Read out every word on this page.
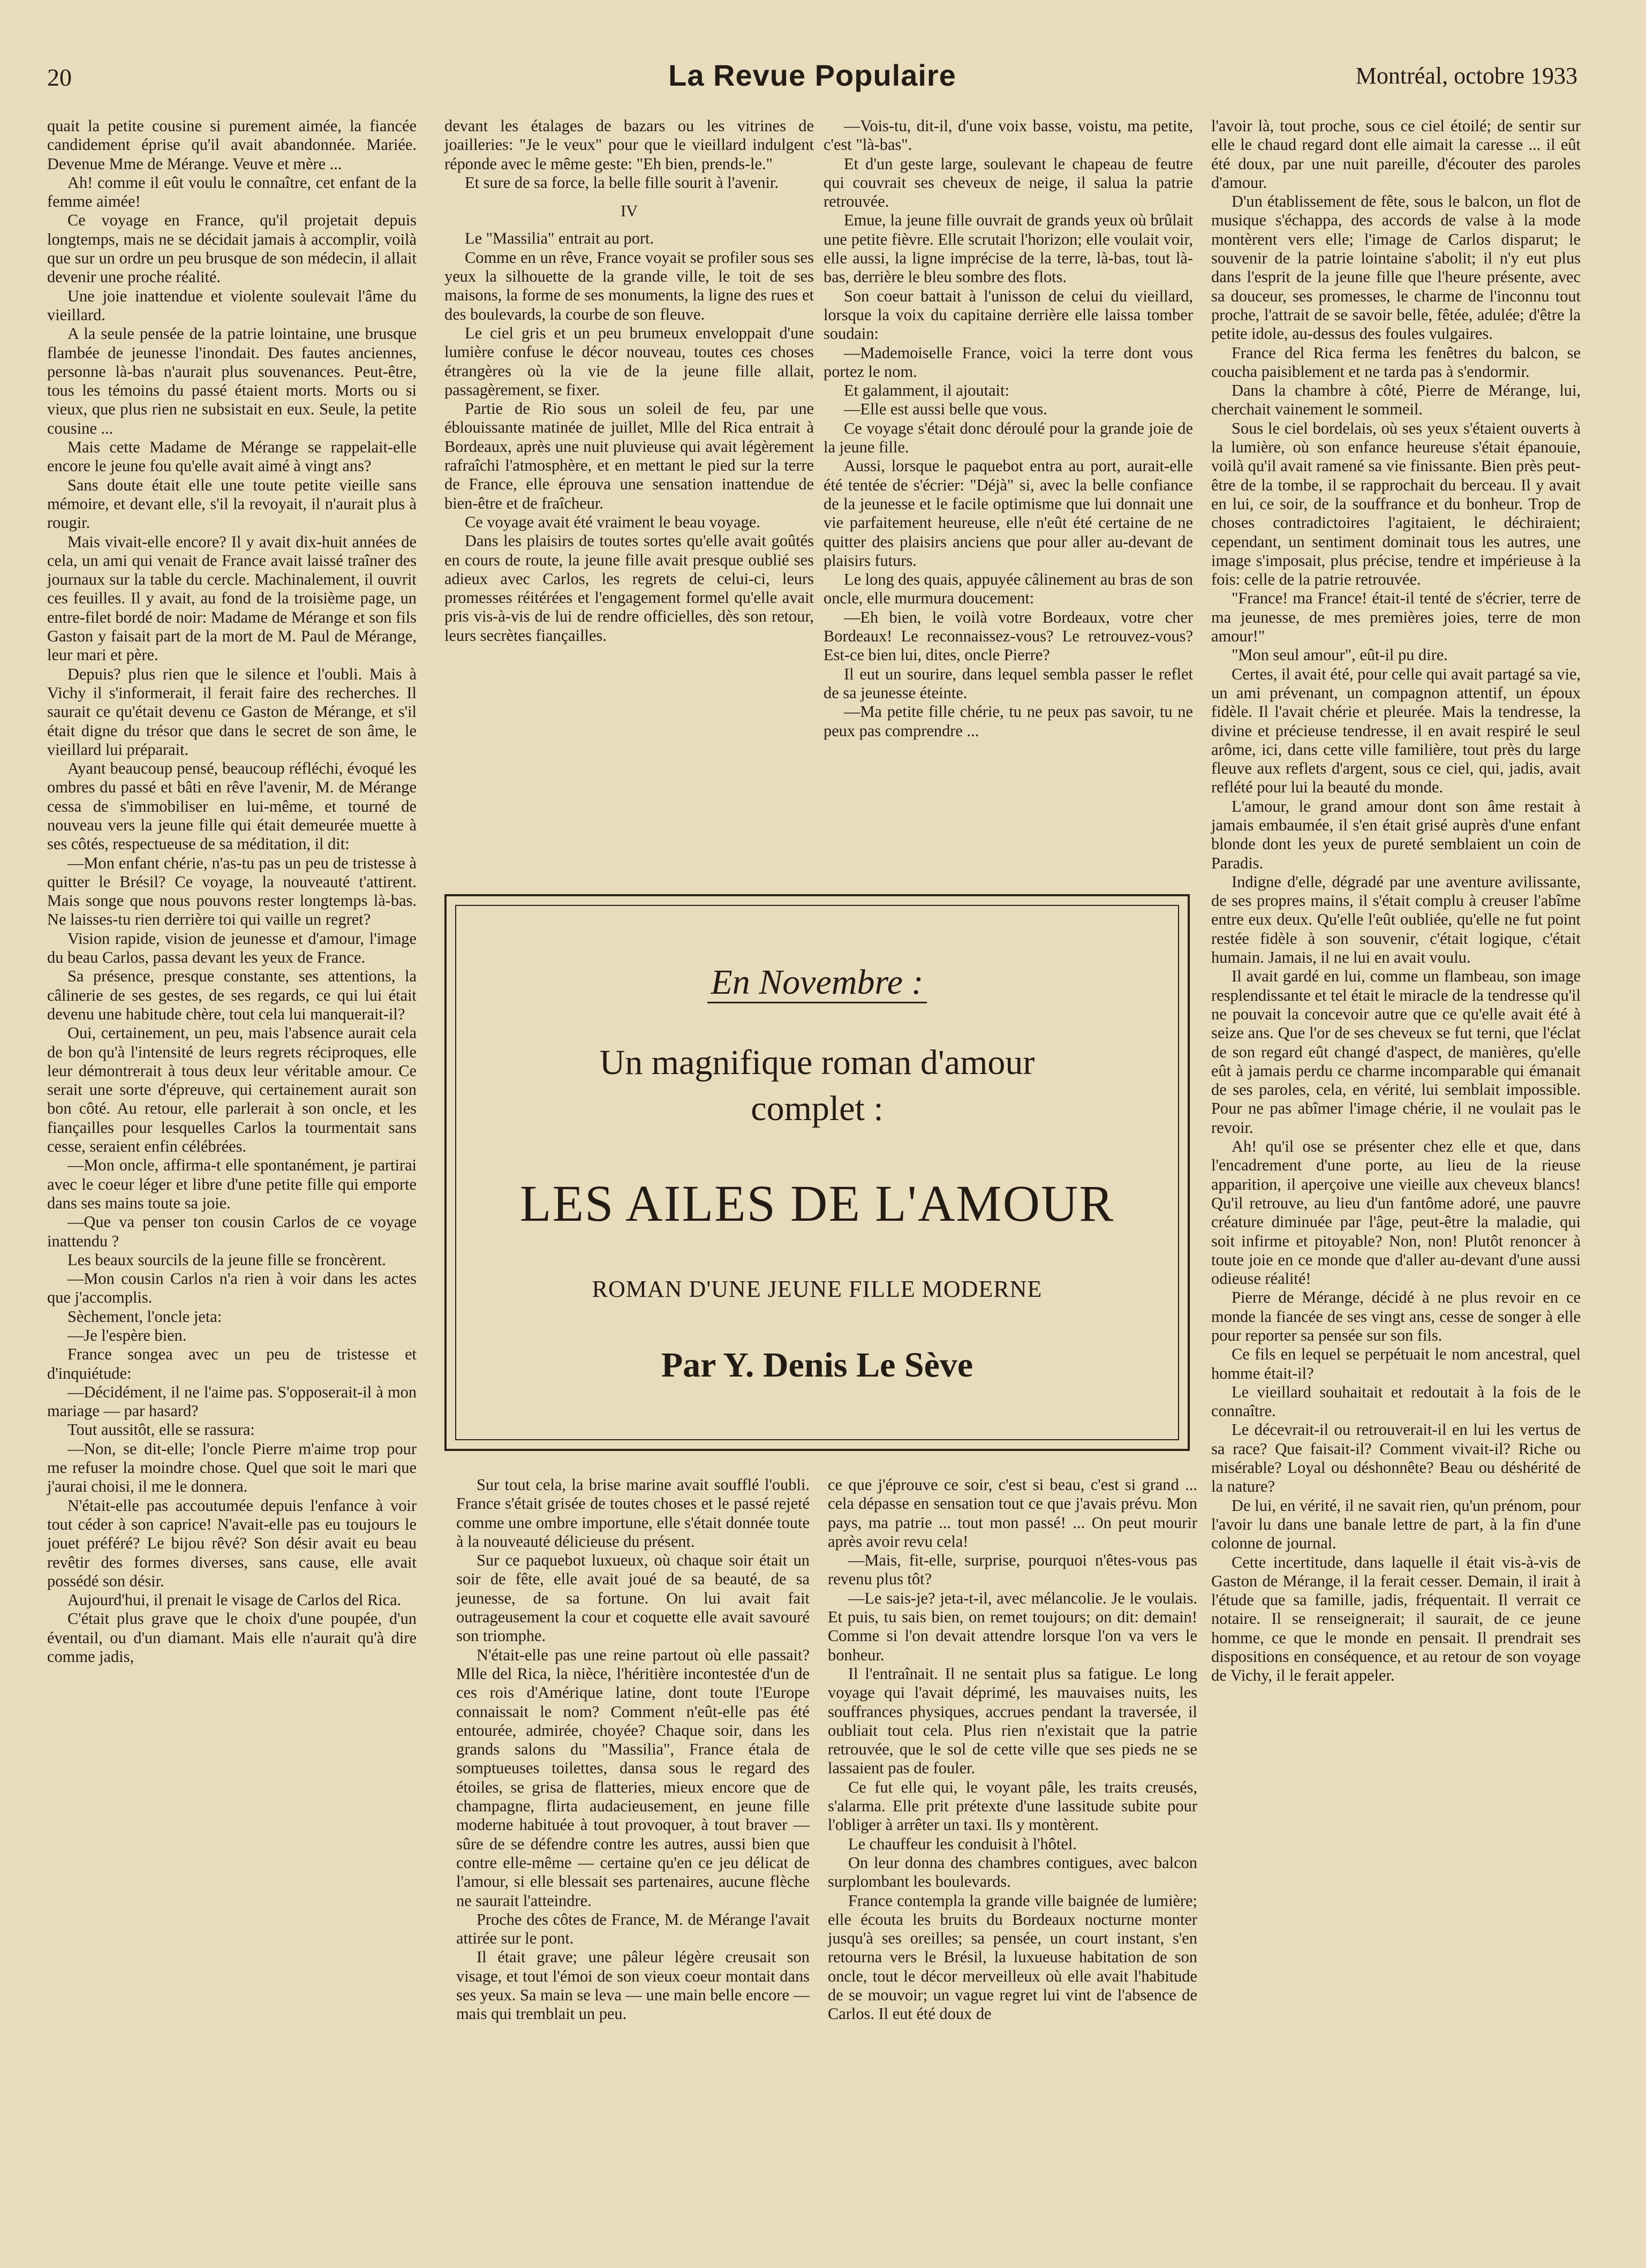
20	La Revue Populaire	Montréal, octobre 1933

quait la petite cousine si purement aimée, la fiancée candidement éprise qu'il avait abandonnée. Mariée. Devenue Mme de Mérange. Veuve et mère ...

Ah! comme il eût voulu le connaître, cet enfant de la femme aimée!

Ce voyage en France, qu'il projetait depuis longtemps, mais ne se décidait jamais à accomplir, voilà que sur un ordre un peu brusque de son médecin, il allait devenir une proche réalité.

Une joie inattendue et violente soulevait l'âme du vieillard.

A la seule pensée de la patrie lointaine, une brusque flambée de jeunesse l'inondait. Des fautes anciennes, personne là-bas n'aurait plus souvenances. Peut-être, tous les témoins du passé étaient morts. Morts ou si vieux, que plus rien ne subsistait en eux. Seule, la petite cousine ...

Mais cette Madame de Mérange se rappelait-elle encore le jeune fou qu'elle avait aimé à vingt ans?

Sans doute était elle une toute petite vieille sans mémoire, et devant elle, s'il la revoyait, il n'aurait plus à rougir.

Mais vivait-elle encore? Il y avait dix-huit années de cela, un ami qui venait de France avait laissé traîner des journaux sur la table du cercle. Machinalement, il ouvrit ces feuilles. Il y avait, au fond de la troisième page, un entre-filet bordé de noir: Madame de Mérange et son fils Gaston y faisait part de la mort de M. Paul de Mérange, leur mari et père.

Depuis? plus rien que le silence et l'oubli. Mais à Vichy il s'informerait, il ferait faire des recherches. Il saurait ce qu'était devenu ce Gaston de Mérange, et s'il était digne du trésor que dans le secret de son âme, le vieillard lui préparait.

Ayant beaucoup pensé, beaucoup réfléchi, évoqué les ombres du passé et bâti en rêve l'avenir, M. de Mérange cessa de s'immobiliser en lui-même, et tourné de nouveau vers la jeune fille qui était demeurée muette à ses côtés, respectueuse de sa méditation, il dit:

—Mon enfant chérie, n'as-tu pas un peu de tristesse à quitter le Brésil? Ce voyage, la nouveauté t'attirent. Mais songe que nous pouvons rester longtemps là-bas. Ne laisses-tu rien derrière toi qui vaille un regret?

Vision rapide, vision de jeunesse et d'amour, l'image du beau Carlos, passa devant les yeux de France.

Sa présence, presque constante, ses attentions, la câlinerie de ses gestes, de ses regards, ce qui lui était devenu une habitude chère, tout cela lui manquerait-il?

Oui, certainement, un peu, mais l'absence aurait cela de bon qu'à l'intensité de leurs regrets réciproques, elle leur démontrerait à tous deux leur véritable amour. Ce serait une sorte d'épreuve, qui certainement aurait son bon côté. Au retour, elle parlerait à son oncle, et les fiançailles pour lesquelles Carlos la tourmentait sans cesse, seraient enfin célébrées.

—Mon oncle, affirma-t elle spontanément, je partirai avec le coeur léger et libre d'une petite fille qui emporte dans ses mains toute sa joie.

—Que va penser ton cousin Carlos de ce voyage inattendu ?

Les beaux sourcils de la jeune fille se froncèrent.

—Mon cousin Carlos n'a rien à voir dans les actes que j'accomplis.

Sèchement, l'oncle jeta:

—Je l'espère bien.

France songea avec un peu de tristesse et d'inquiétude:

—Décidément, il ne l'aime pas. S'opposerait-il à mon mariage — par hasard?

Tout aussitôt, elle se rassura:

—Non, se dit-elle; l'oncle Pierre m'aime trop pour me refuser la moindre chose. Quel que soit le mari que j'aurai choisi, il me le donnera.

N'était-elle pas accoutumée depuis l'enfance à voir tout céder à son caprice! N'avait-elle pas eu toujours le jouet préféré? Le bijou rêvé? Son désir avait eu beau revêtir des formes diverses, sans cause, elle avait possédé son désir.

Aujourd'hui, il prenait le visage de Carlos del Rica.

C'était plus grave que le choix d'une poupée, d'un éventail, ou d'un diamant. Mais elle n'aurait qu'à dire comme jadis,

devant les étalages de bazars ou les vitrines de joailleries: "Je le veux" pour que le vieillard indulgent réponde avec le même geste: "Eh bien, prends-le."

Et sure de sa force, la belle fille sourit à l'avenir.

IV

Le "Massilia" entrait au port.

Comme en un rêve, France voyait se profiler sous ses yeux la silhouette de la grande ville, le toit de ses maisons, la forme de ses monuments, la ligne des rues et des boulevards, la courbe de son fleuve.

Le ciel gris et un peu brumeux enveloppait d'une lumière confuse le décor nouveau, toutes ces choses étrangères où la vie de la jeune fille allait, passagèrement, se fixer.

Partie de Rio sous un soleil de feu, par une éblouissante matinée de juillet, Mlle del Rica entrait à Bordeaux, après une nuit pluvieuse qui avait légèrement rafraîchi l'atmosphère, et en mettant le pied sur la terre de France, elle éprouva une sensation inattendue de bien-être et de fraîcheur.

Ce voyage avait été vraiment le beau voyage.

Dans les plaisirs de toutes sortes qu'elle avait goûtés en cours de route, la jeune fille avait presque oublié ses adieux avec Carlos, les regrets de celui-ci, leurs promesses réitérées et l'engagement formel qu'elle avait pris vis-à-vis de lui de rendre officielles, dès son retour, leurs secrètes fiançailles.

—Vois-tu, dit-il, d'une voix basse, voistu, ma petite, c'est "là-bas".

Et d'un geste large, soulevant le chapeau de feutre qui couvrait ses cheveux de neige, il salua la patrie retrouvée.

Emue, la jeune fille ouvrait de grands yeux où brûlait une petite fièvre. Elle scrutait l'horizon; elle voulait voir, elle aussi, la ligne imprécise de la terre, là-bas, tout là-bas, derrière le bleu sombre des flots.

Son coeur battait à l'unisson de celui du vieillard, lorsque la voix du capitaine derrière elle laissa tomber soudain:

—Mademoiselle France, voici la terre dont vous portez le nom.

Et galamment, il ajoutait:

—Elle est aussi belle que vous.

Ce voyage s'était donc déroulé pour la grande joie de la jeune fille.

Aussi, lorsque le paquebot entra au port, aurait-elle été tentée de s'écrier: "Déjà" si, avec la belle confiance de la jeunesse et le facile optimisme que lui donnait une vie parfaitement heureuse, elle n'eût été certaine de ne quitter des plaisirs anciens que pour aller au-devant de plaisirs futurs.

Le long des quais, appuyée câlinement au bras de son oncle, elle murmura doucement:

—Eh bien, le voilà votre Bordeaux, votre cher Bordeaux! Le reconnaissez-vous? Le retrouvez-vous? Est-ce bien lui, dites, oncle Pierre?

Il eut un sourire, dans lequel sembla passer le reflet de sa jeunesse éteinte.

—Ma petite fille chérie, tu ne peux pas savoir, tu ne peux pas comprendre ...

l'avoir là, tout proche, sous ce ciel étoilé; de sentir sur elle le chaud regard dont elle aimait la caresse ... il eût été doux, par une nuit pareille, d'écouter des paroles d'amour.

D'un établissement de fête, sous le balcon, un flot de musique s'échappa, des accords de valse à la mode montèrent vers elle; l'image de Carlos disparut; le souvenir de la patrie lointaine s'abolit; il n'y eut plus dans l'esprit de la jeune fille que l'heure présente, avec sa douceur, ses promesses, le charme de l'inconnu tout proche, l'attrait de se savoir belle, fêtée, adulée; d'être la petite idole, au-dessus des foules vulgaires.

France del Rica ferma les fenêtres du balcon, se coucha paisiblement et ne tarda pas à s'endormir.

Dans la chambre à côté, Pierre de Mérange, lui, cherchait vainement le sommeil.

Sous le ciel bordelais, où ses yeux s'étaient ouverts à la lumière, où son enfance heureuse s'était épanouie, voilà qu'il avait ramené sa vie finissante. Bien près peut-être de la tombe, il se rapprochait du berceau. Il y avait en lui, ce soir, de la souffrance et du bonheur. Trop de choses contradictoires l'agitaient, le déchiraient; cependant, un sentiment dominait tous les autres, une image s'imposait, plus précise, tendre et impérieuse à la fois: celle de la patrie retrouvée.

"France! ma France! était-il tenté de s'écrier, terre de ma jeunesse, de mes premières joies, terre de mon amour!"

"Mon seul amour", eût-il pu dire.

Certes, il avait été, pour celle qui avait partagé sa vie, un ami prévenant, un compagnon attentif, un époux fidèle. Il l'avait chérie et pleurée. Mais la tendresse, la divine et précieuse tendresse, il en avait respiré le seul arôme, ici, dans cette ville familière, tout près du large fleuve aux reflets d'argent, sous ce ciel, qui, jadis, avait reflété pour lui la beauté du monde.

L'amour, le grand amour dont son âme restait à jamais embaumée, il s'en était grisé auprès d'une enfant blonde dont les yeux de pureté semblaient un coin de Paradis.

Indigne d'elle, dégradé par une aventure avilissante, de ses propres mains, il s'était complu à creuser l'abîme entre eux deux. Qu'elle l'eût oubliée, qu'elle ne fut point restée fidèle à son souvenir, c'était logique, c'était humain. Jamais, il ne lui en avait voulu.

Il avait gardé en lui, comme un flambeau, son image resplendissante et tel était le miracle de la tendresse qu'il ne pouvait la concevoir autre que ce qu'elle avait été à seize ans. Que l'or de ses cheveux se fut terni, que l'éclat de son regard eût changé d'aspect, de manières, qu'elle eût à jamais perdu ce charme incomparable qui émanait de ses paroles, cela, en vérité, lui semblait impossible. Pour ne pas abîmer l'image chérie, il ne voulait pas le revoir.

Ah! qu'il ose se présenter chez elle et que, dans l'encadrement d'une porte, au lieu de la rieuse apparition, il aperçoive une vieille aux cheveux blancs! Qu'il retrouve, au lieu d'un fantôme adoré, une pauvre créature diminuée par l'âge, peut-être la maladie, qui soit infirme et pitoyable? Non, non! Plutôt renoncer à toute joie en ce monde que d'aller au-devant d'une aussi odieuse réalité!

Pierre de Mérange, décidé à ne plus revoir en ce monde la fiancée de ses vingt ans, cesse de songer à elle pour reporter sa pensée sur son fils.

Ce fils en lequel se perpétuait le nom ancestral, quel homme était-il?

Le vieillard souhaitait et redoutait à la fois de le connaître.

Le décevrait-il ou retrouverait-il en lui les vertus de sa race? Que faisait-il? Comment vivait-il? Riche ou misérable? Loyal ou déshonnête? Beau ou déshérité de la nature?

De lui, en vérité, il ne savait rien, qu'un prénom, pour l'avoir lu dans une banale lettre de part, à la fin d'une colonne de journal.

Cette incertitude, dans laquelle il était vis-à-vis de Gaston de Mérange, il la ferait cesser. Demain, il irait à l'étude que sa famille, jadis, fréquentait. Il verrait ce notaire. Il se renseignerait; il saurait, de ce jeune homme, ce que le monde en pensait. Il prendrait ses dispositions en conséquence, et au retour de son voyage de Vichy, il le ferait appeler.

Sur tout cela, la brise marine avait soufflé l'oubli. France s'était grisée de toutes choses et le passé rejeté comme une ombre importune, elle s'était donnée toute à la nouveauté délicieuse du présent.

Sur ce paquebot luxueux, où chaque soir était un soir de fête, elle avait joué de sa beauté, de sa jeunesse, de sa fortune. On lui avait fait outrageusement la cour et coquette elle avait savouré son triomphe.

N'était-elle pas une reine partout où elle passait? Mlle del Rica, la nièce, l'héritière incontestée d'un de ces rois d'Amérique latine, dont toute l'Europe connaissait le nom? Comment n'eût-elle pas été entourée, admirée, choyée? Chaque soir, dans les grands salons du "Massilia", France étala de somptueuses toilettes, dansa sous le regard des étoiles, se grisa de flatteries, mieux encore que de champagne, flirta audacieusement, en jeune fille moderne habituée à tout provoquer, à tout braver — sûre de se défendre contre les autres, aussi bien que contre elle-même — certaine qu'en ce jeu délicat de l'amour, si elle blessait ses partenaires, aucune flèche ne saurait l'atteindre.

Proche des côtes de France, M. de Mérange l'avait attirée sur le pont.

Il était grave; une pâleur légère creusait son visage, et tout l'émoi de son vieux coeur montait dans ses yeux. Sa main se leva — une main belle encore — mais qui tremblait un peu.

ce que j'éprouve ce soir, c'est si beau, c'est si grand ... cela dépasse en sensation tout ce que j'avais prévu. Mon pays, ma patrie ... tout mon passé! ... On peut mourir après avoir revu cela!

—Mais, fit-elle, surprise, pourquoi n'êtes-vous pas revenu plus tôt?

—Le sais-je? jeta-t-il, avec mélancolie. Je le voulais. Et puis, tu sais bien, on remet toujours; on dit: demain! Comme si l'on devait attendre lorsque l'on va vers le bonheur.

Il l'entraînait. Il ne sentait plus sa fatigue. Le long voyage qui l'avait déprimé, les mauvaises nuits, les souffrances physiques, accrues pendant la traversée, il oubliait tout cela. Plus rien n'existait que la patrie retrouvée, que le sol de cette ville que ses pieds ne se lassaient pas de fouler.

Ce fut elle qui, le voyant pâle, les traits creusés, s'alarma. Elle prit prétexte d'une lassitude subite pour l'obliger à arrêter un taxi. Ils y montèrent.

Le chauffeur les conduisit à l'hôtel.

On leur donna des chambres contigues, avec balcon surplombant les boulevards.

France contempla la grande ville baignée de lumière; elle écouta les bruits du Bordeaux nocturne monter jusqu'à ses oreilles; sa pensée, un court instant, s'en retourna vers le Brésil, la luxueuse habitation de son oncle, tout le décor merveilleux où elle avait l'habitude de se mouvoir; un vague regret lui vint de l'absence de Carlos. Il eut été doux de

En Novembre :
Un magnifique roman d'amour
complet :
LES AILES DE L'AMOUR
ROMAN D'UNE JEUNE FILLE MODERNE
Par Y. Denis Le Sève
